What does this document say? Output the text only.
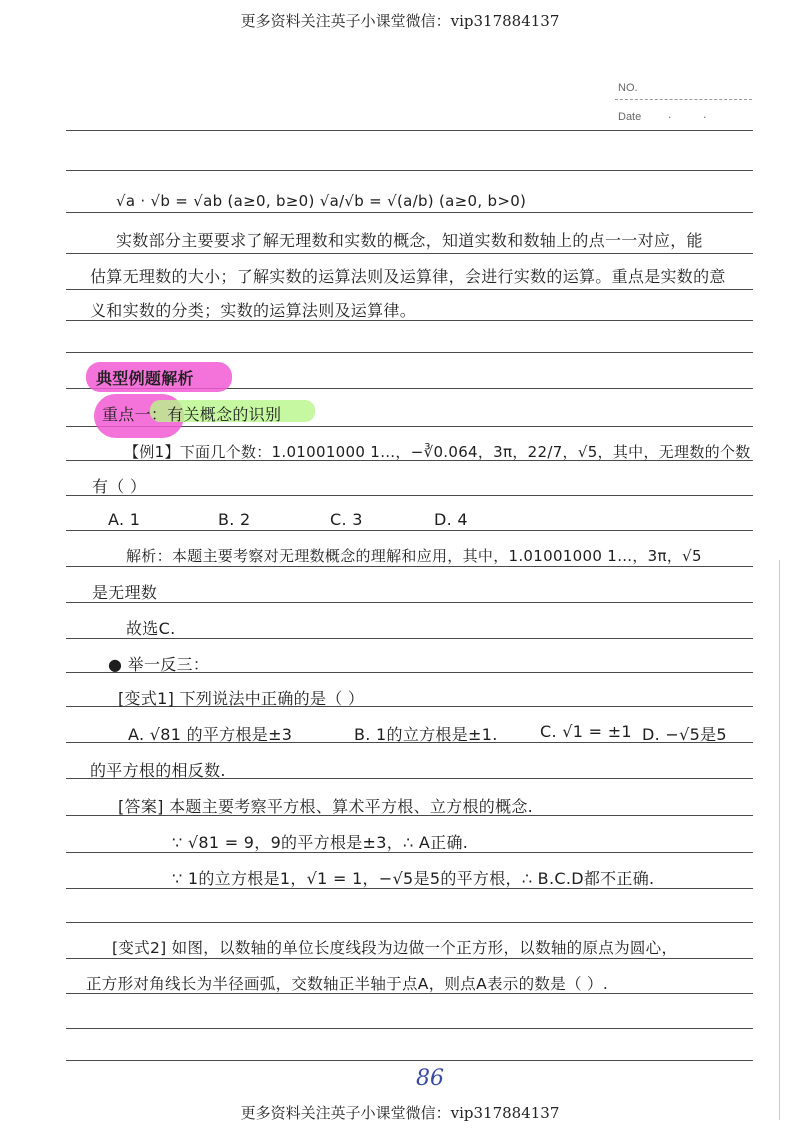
更多资料关注英子小课堂微信：vip317884137
NO.
Date · ·
√a · √b = √ab (a≥0, b≥0) √a/√b = √(a/b) (a≥0, b>0)
实数部分主要要求了解无理数和实数的概念，知道实数和数轴上的点一一对应，能
估算无理数的大小；了解实数的运算法则及运算律，会进行实数的运算。重点是实数的意
义和实数的分类；实数的运算法则及运算律。
典型例题解析
重点一：有关概念的识别
【例1】下面几个数：1.01001000 1…，−∛0.064，3π，22/7，√5，其中，无理数的个数
有（ ）
A. 1	B. 2	C. 3	D. 4
解析：本题主要考察对无理数概念的理解和应用，其中，1.01001000 1…，3π，√5
是无理数
故选C.
● 举一反三：
[变式1] 下列说法中正确的是（ ）
A. √81 的平方根是±3	B. 1的立方根是±1.	C. √1 = ±1 D. −√5是5
的平方根的相反数.
[答案] 本题主要考察平方根、算术平方根、立方根的概念.
∵ √81 = 9，9的平方根是±3，∴ A正确.
∵ 1的立方根是1，√1 = 1，−√5是5的平方根，∴ B.C.D都不正确.
[变式2] 如图，以数轴的单位长度线段为边做一个正方形，以数轴的原点为圆心，
正方形对角线长为半径画弧，交数轴正半轴于点A，则点A表示的数是（ ）.
86
更多资料关注英子小课堂微信：vip317884137
